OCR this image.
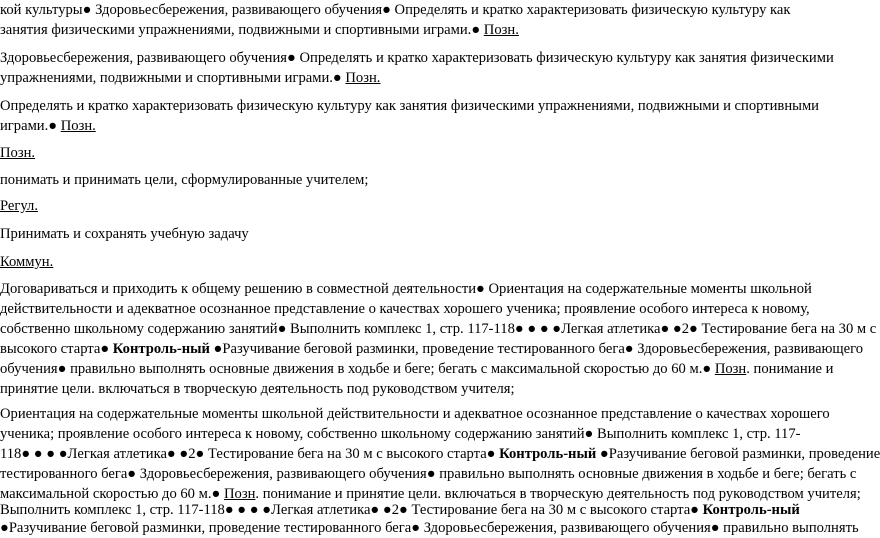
кой культуры● Здоровьесбережения, развивающего обучения● Определять и кратко характеризовать физическую культуру как
занятия физическими упражнениями, подвижными и спортивными играми.● Позн.
Здоровьесбережения, развивающего обучения● Определять и кратко характеризовать физическую культуру как занятия физическими
упражнениями, подвижными и спортивными играми.● Позн.
Определять и кратко характеризовать физическую культуру как занятия физическими упражнениями, подвижными и спортивными
играми.● Позн.
Позн.
понимать и принимать цели, сформулированные учителем;
Регул.
Принимать и сохранять учебную задачу
Коммун.
Договариваться и приходить к общему решению в совместной деятельности● Ориентация на содержательные моменты школьной
действительности и адекватное осознанное представление о качествах хорошего ученика; проявление особого интереса к новому,
собственно школьному содержанию занятий● Выполнить комплекс 1, стр. 117-118● ● ● ●Легкая атлетика● ●2● Тестирование бега на 30 м с
высокого старта● Контроль-ный ●Разучивание беговой разминки, проведение тестированного бега● Здоровьесбережения, развивающего
обучения● правильно выполнять основные движения в ходьбе и беге; бегать с максимальной скоростью до 60 м.● Позн. понимание и
принятие цели. включаться в творческую деятельность под руководством учителя;
Ориентация на содержательные моменты школьной действительности и адекватное осознанное представление о качествах хорошего
ученика; проявление особого интереса к новому, собственно школьному содержанию занятий● Выполнить комплекс 1, стр. 117-
118● ● ● ●Легкая атлетика● ●2● Тестирование бега на 30 м с высокого старта● Контроль-ный ●Разучивание беговой разминки, проведение
тестированного бега● Здоровьесбережения, развивающего обучения● правильно выполнять основные движения в ходьбе и беге; бегать с
максимальной скоростью до 60 м.● Позн. понимание и принятие цели. включаться в творческую деятельность под руководством учителя;
Выполнить комплекс 1, стр. 117-118● ● ● ●Легкая атлетика● ●2● Тестирование бега на 30 м с высокого старта● Контроль-ный
●Разучивание беговой разминки, проведение тестированного бега● Здоровьесбережения, развивающего обучения● правильно выполнять
